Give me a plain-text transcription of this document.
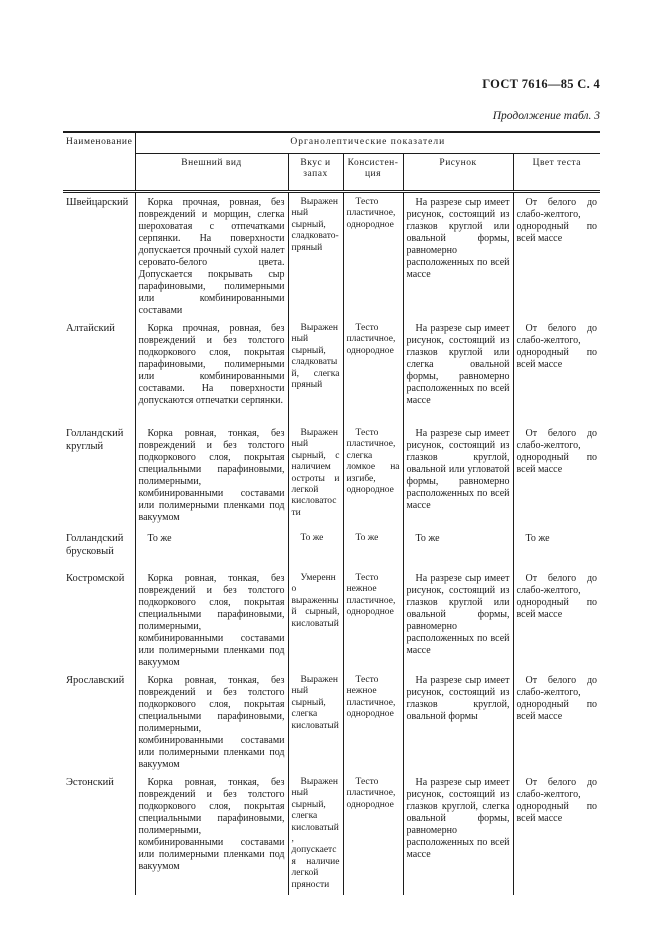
ГОСТ 7616—85 С. 4
Продолжение табл. 3
Наименование	Органолептические показатели				
	Внешний вид	Вкус и запах	Консистен-ция	Рисунок	Цвет теста
Швейцарский	Корка прочная, ровная, без повреждений и морщин, слегка шероховатая с отпечатками серпянки. На поверхности допускается прочный сухой налет серовато-белого цвета. Допускается покрывать сыр парафиновыми, полимерными или комбинированными составами	Выраженный сырный, сладковато-пряный	Тесто пластичное, однородное	На разрезе сыр имеет рисунок, состоящий из глазков круглой или овальной формы, равномерно расположенных по всей массе	От белого до слабо-желтого, однородный по всей массе
Алтайский	Корка прочная, ровная, без повреждений и без толстого подкоркового слоя, покрытая парафиновыми, полимерными или комбинированными составами. На поверхности допускаются отпечатки серпянки.	Выраженный сырный, сладковатый, слегка пряный	Тесто пластичное, однородное	На разрезе сыр имеет рисунок, состоящий из глазков круглой или слегка овальной формы, равномерно расположенных по всей массе	От белого до слабо-желтого, однородный по всей массе
Голландский круглый	Корка ровная, тонкая, без повреждений и без толстого подкоркового слоя, покрытая специальными парафиновыми, полимерными, комбинированными составами или полимерными пленками под вакуумом	Выраженный сырный, с наличием остроты и легкой кисловатости	Тесто пластичное, слегка ломкое на изгибе, однородное	На разрезе сыр имеет рисунок, состоящий из глазков круглой, овальной или угловатой формы, равномерно расположенных по всей массе	От белого до слабо-желтого, однородный по всей массе
Голландский брусковый	То же	То же	То же	То же	То же
Костромской	Корка ровная, тонкая, без повреждений и без толстого подкоркового слоя, покрытая специальными парафиновыми, полимерными, комбинированными составами или полимерными пленками под вакуумом	Умеренно выраженный сырный, кисловатый	Тесто нежное пластичное, однородное	На разрезе сыр имеет рисунок, состоящий из глазков круглой или овальной формы, равномерно расположенных по всей массе	От белого до слабо-желтого, однородный по всей массе
Ярославский	Корка ровная, тонкая, без повреждений и без толстого подкоркового слоя, покрытая специальными парафиновыми, полимерными, комбинированными составами или полимерными пленками под вакуумом	Выраженный сырный, слегка кисловатый	Тесто нежное пластичное, однородное	На разрезе сыр имеет рисунок, состоящий из глазков круглой, овальной формы	От белого до слабо-желтого, однородный по всей массе
Эстонский	Корка ровная, тонкая, без повреждений и без толстого подкоркового слоя, покрытая специальными парафиновыми, полимерными, комбинированными составами или полимерными пленками под вакуумом	Выраженный сырный, слегка кисловатый, допускается наличие легкой пряности	Тесто пластичное, однородное	На разрезе сыр имеет рисунок, состоящий из глазков круглой, слегка овальной формы, равномерно расположенных по всей массе	От белого до слабо-желтого, однородный по всей массе
